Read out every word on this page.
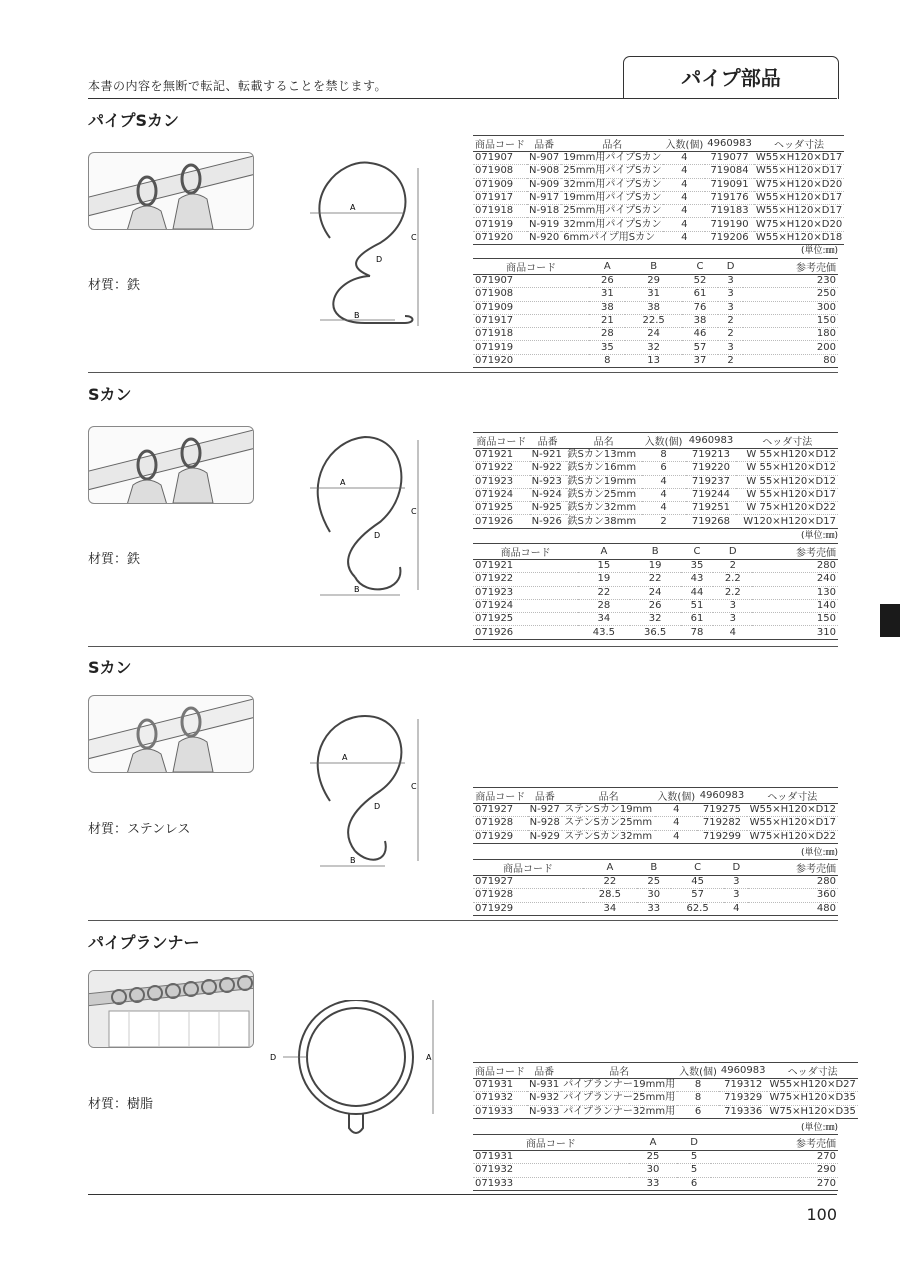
本書の内容を無断で転記、転載することを禁じます。	パイプ部品
パイプSカン
材質：鉄
A
C
B
D
商品コード	品番	品名	入数(個)	4960983	ヘッダ寸法
071907	N-907	19mm用パイプSカン	4	719077	W55×H120×D17
071908	N-908	25mm用パイプSカン	4	719084	W55×H120×D17
071909	N-909	32mm用パイプSカン	4	719091	W75×H120×D20
071917	N-917	19mm用パイプSカン	4	719176	W55×H120×D17
071918	N-918	25mm用パイプSカン	4	719183	W55×H120×D17
071919	N-919	32mm用パイプSカン	4	719190	W75×H120×D20
071920	N-920	6mmパイプ用Sカン	4	719206	W55×H120×D18
(単位:㎜)
商品コード	A	B	C	D	参考売価
071907	26	29	52	3	230
071908	31	31	61	3	250
071909	38	38	76	3	300
071917	21	22.5	38	2	150
071918	28	24	46	2	180
071919	35	32	57	3	200
071920	8	13	37	2	80
Sカン
材質：鉄
A
C
B
D
商品コード	品番	品名	入数(個)	4960983	ヘッダ寸法
071921	N-921	鉄Sカン13mm	8	719213	W 55×H120×D12
071922	N-922	鉄Sカン16mm	6	719220	W 55×H120×D12
071923	N-923	鉄Sカン19mm	4	719237	W 55×H120×D12
071924	N-924	鉄Sカン25mm	4	719244	W 55×H120×D17
071925	N-925	鉄Sカン32mm	4	719251	W 75×H120×D22
071926	N-926	鉄Sカン38mm	2	719268	W120×H120×D17
(単位:㎜)
商品コード	A	B	C	D	参考売価
071921	15	19	35	2	280
071922	19	22	43	2.2	240
071923	22	24	44	2.2	130
071924	28	26	51	3	140
071925	34	32	61	3	150
071926	43.5	36.5	78	4	310
Sカン
材質：ステンレス
A
C
B
D
商品コード	品番	品名	入数(個)	4960983	ヘッダ寸法
071927	N-927	ステンSカン19mm	4	719275	W55×H120×D12
071928	N-928	ステンSカン25mm	4	719282	W55×H120×D17
071929	N-929	ステンSカン32mm	4	719299	W75×H120×D22
(単位:㎜)
商品コード	A	B	C	D	参考売価
071927	22	25	45	3	280
071928	28.5	30	57	3	360
071929	34	33	62.5	4	480
パイプランナー
材質：樹脂
A
D
商品コード	品番	品名	入数(個)	4960983	ヘッダ寸法
071931	N-931	パイプランナー19mm用	8	719312	W55×H120×D27
071932	N-932	パイプランナー25mm用	8	719329	W75×H120×D35
071933	N-933	パイプランナー32mm用	6	719336	W75×H120×D35
(単位:㎜)
商品コード	A	D	参考売価
071931	25	5	270
071932	30	5	290
071933	33	6	270
100
